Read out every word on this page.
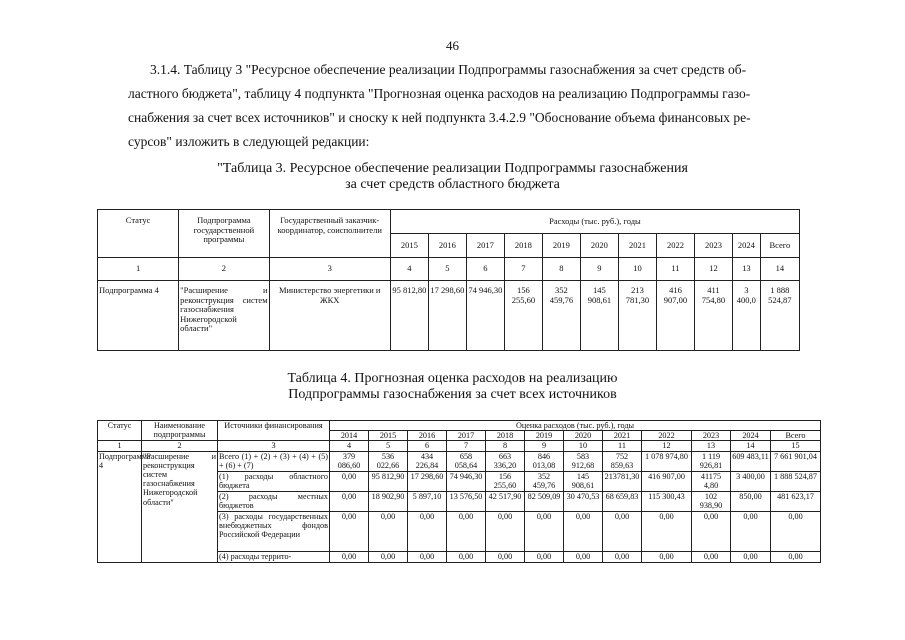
46
3.1.4. Таблицу 3 "Ресурсное обеспечение реализации Подпрограммы газоснабжения за счет средств об-
ластного бюджета", таблицу 4 подпункта "Прогнозная оценка расходов на реализацию Подпрограммы газо-
снабжения за счет всех источников" и сноску к ней подпункта 3.4.2.9 "Обоснование объема финансовых ре-
сурсов" изложить в следующей редакции:
"Таблица 3. Ресурсное обеспечение реализации Подпрограммы газоснабжения
за счет средств областного бюджета
Статус	Подпрограмма государственной программы	Государственный заказчик-координатор, соисполнители	Расходы (тыс. руб.), годы										
			2015	2016	2017	2018	2019	2020	2021	2022	2023	2024	Всего
1	2	3	4	5	6	7	8	9	10	11	12	13	14
Подпрограмма 4	"Расширение и реконструкция систем газоснабжения Нижегородской области"	Министерство энергетики и ЖКХ	95 812,80	17 298,60	74 946,30	156 255,60	352 459,76	145 908,61	213 781,30	416 907,00	411 754,80	3 400,0	1 888 524,87
Таблица 4. Прогнозная оценка расходов на реализацию
Подпрограммы газоснабжения за счет всех источников
Статус	Наименование подпрограммы	Источники финансирования	Оценка расходов (тыс. руб.), годы											
			2014	2015	2016	2017	2018	2019	2020	2021	2022	2023	2024	Всего
1	2	3	4	5	6	7	8	9	10	11	12	13	14	15
Подпрограмма 4	"Расширение и реконструкция систем газоснабжения Нижегородской области"	Всего (1) + (2) + (3) + (4) + (5) + (6) + (7)	379 086,60	536 022,66	434 226,84	658 058,64	663 336,20	846 013,08	583 912,68	752 859,63	1 078 974,80	1 119 926,81	609 483,11	7 661 901,04
		(1) расходы областного бюджета	0,00	95 812,90	17 298,60	74 946,30	156 255,60	352 459,76	145 908,61	213781,30	416 907,00	41175 4,80	3 400,00	1 888 524,87
		(2) расходы местных бюджетов	0,00	18 902,90	5 897,10	13 576,50	42 517,90	82 509,09	30 470,53	68 659,83	115 300,43	102 938,90	850,00	481 623,17
		(3) расходы государственных внебюджетных фондов Российской Федерации	0,00	0,00	0,00	0,00	0,00	0,00	0,00	0,00	0,00	0,00	0,00	0,00
		(4) расходы террито-	0,00	0,00	0,00	0,00	0,00	0,00	0,00	0,00	0,00	0,00	0,00	0,00
